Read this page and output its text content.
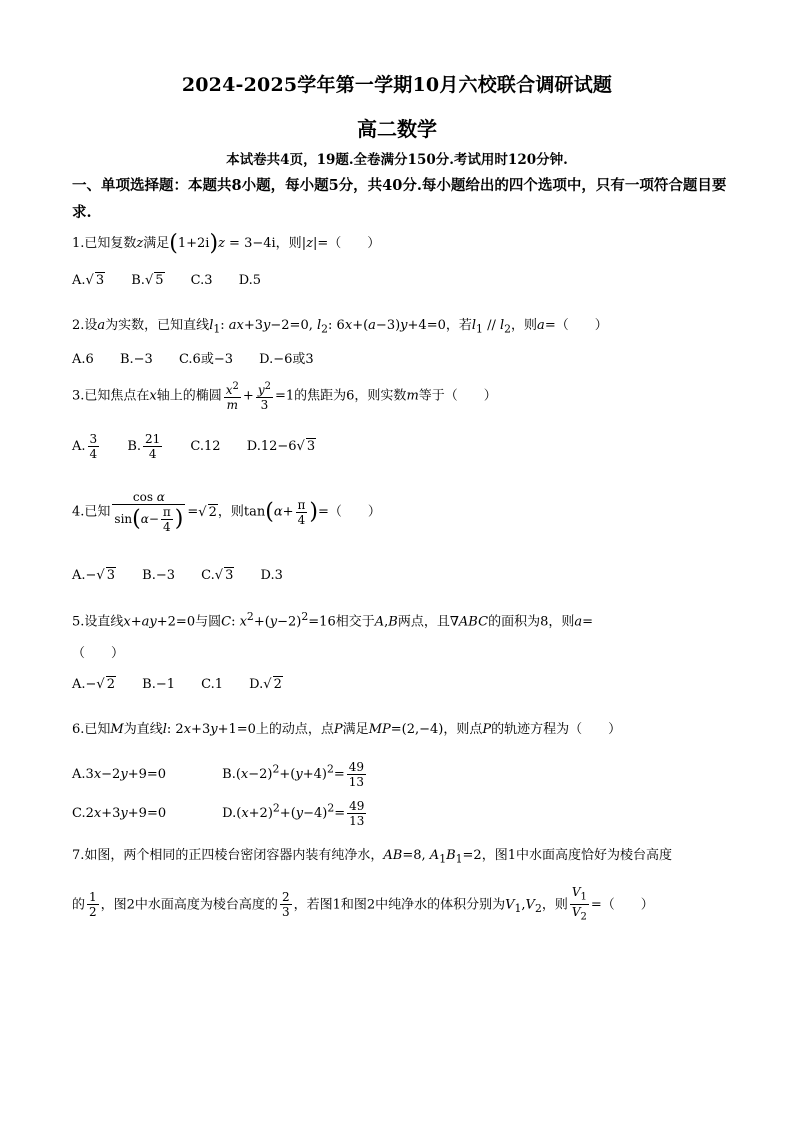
2024-2025学年第一学期10月六校联合调研试题
高二数学
本试卷共4页，19题.全卷满分150分.考试用时120分钟.
一、单项选择题：本题共8小题，每小题5分，共40分.每小题给出的四个选项中，只有一项符合题目要求.
1.已知复数z满足(1+2i)z = 3−4i，则|z|=（　　）
A. √ 3 B. √ 5 C.3 D.5
2.设a为实数，已知直线$l_1$: ax+3y−2=0, $l_2$: 6x+(a−3)y+4=0，若$l_1 // l_2$，则a=（　　）
A.6 B.−3 C.6或−3 D.−6或3
3.已知焦点在x轴上的椭圆 $\frac{x^2}{m} + \frac{y^2}{3} =1$的焦距为6，则实数m等于（　　）
A. $\frac{3}{4} B$. $\frac{21}{4} C.12$ D.12−6 √ 3
4.已知 $\frac{\text{cos α}}{\sin(\alpha- \frac{\pi}{4} )}$ = √ 2，则$\tan(\alpha+ \frac{\pi}{4}$ )=（　　）
A.− √ 3 B.−3 C. √ 3 D.3
5.设直线x+ay+2=0与圆C: $x^2+(y-2)^2=16$相交于A,B两点，且∇ABC的面积为8，则a=
（　　）
A.− √ 2 B.−1 C.1 D. √ 2
6.已知M为直线l: 2x+3y+1=0上的动点，点P满足MP=(2,−4)，则点P的轨迹方程为（　　）
A.3x−2y+9=0	$B.(x-2)^2+(y+4)^2= \frac{49}{13}$
C.2x+3y+9=0	$D.(x+2)^2+(y-4)^2= \frac{49}{13}$
7.如图，两个相同的正四棱台密闭容器内装有纯净水，AB=8, $A_1B_1=2$，图1中水面高度恰好为棱台高度
的 $\frac{1}{2}$ ，图2中水面高度为棱台高度的 $\frac{2}{3}$ ，若图1和图2中纯净水的体积分别为$V_1,V_2$，则 $\frac{V_1}{V_2}$ =（　　）
